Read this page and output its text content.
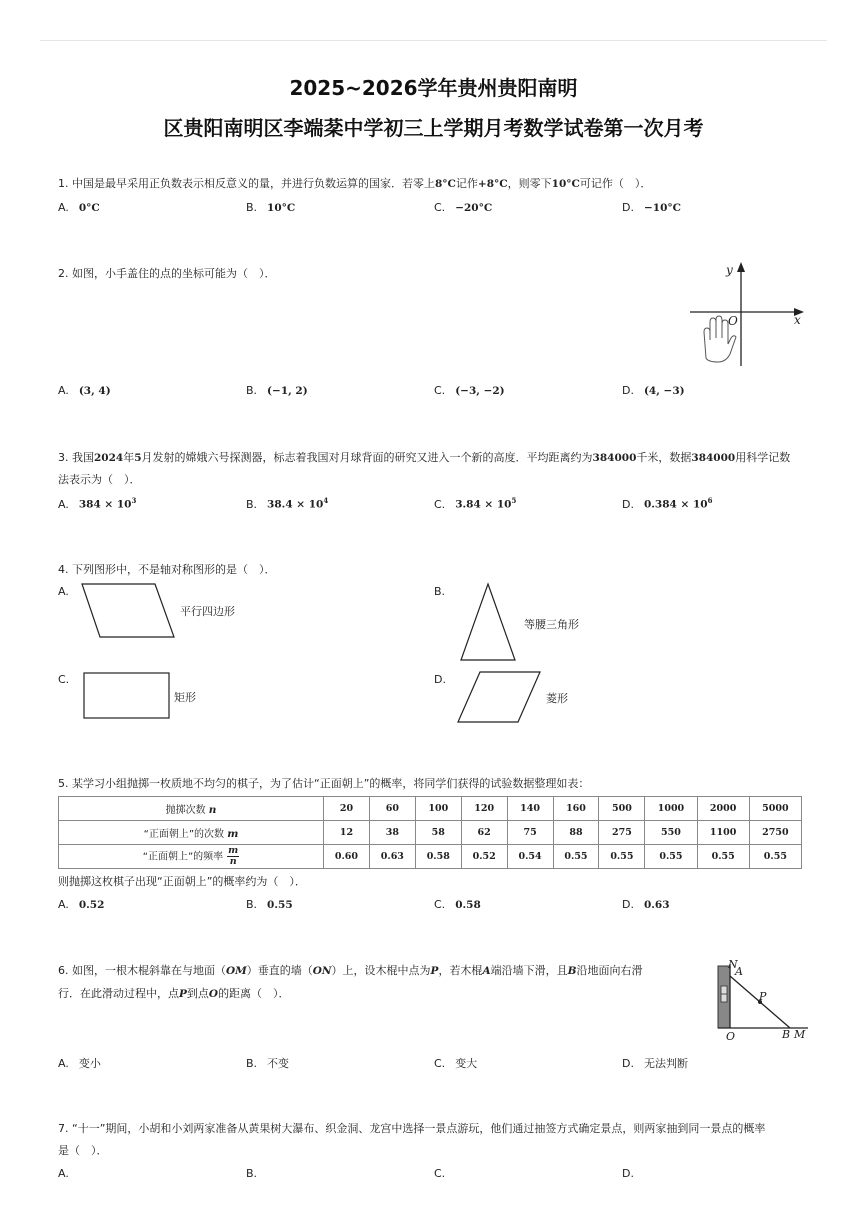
2025~2026学年贵州贵阳南明
区贵阳南明区李端棻中学初三上学期月考数学试卷第一次月考
1. 中国是最早采用正负数表示相反意义的量，并进行负数运算的国家．若零上8°C记作+8°C，则零下10°C可记作（　）．
A. 0°C	B. 10°C	C. −20°C	D. −10°C
2. 如图，小手盖住的点的坐标可能为（　）．	y
x
O
A. (3, 4)	B. (−1, 2)	C. (−3, −2)	D. (4, −3)
3. 我国2024年5月发射的嫦娥六号探测器，标志着我国对月球背面的研究又进入一个新的高度．平均距离约为384000千米，数据384000用科学记数
法表示为（　）．
A. $384 \times 10^3$	B. $38.4 \times 10^4$	C. $3.84 \times 10^5$	D. $0.384 \times 10^6$
4. 下列图形中，不是轴对称图形的是（　）．
A.
平行四边形
B.
等腰三角形
C.
矩形
D.
菱形
5. 某学习小组抛掷一枚质地不均匀的棋子，为了估计“正面朝上”的概率，将同学们获得的试验数据整理如表：
抛掷次数 n	20	60	100	120	140	160	500	1000	2000	5000
“正面朝上”的次数 m	12	38	58	62	75	88	275	550	1100	2750
“正面朝上”的频率 $\frac{m}{n}$	0.60	0.63	0.58	0.52	0.54	0.55	0.55	0.55	0.55	0.55
则抛掷这枚棋子出现“正面朝上”的概率约为（　）．
A. 0.52	B. 0.55	C. 0.58	D. 0.63
6. 如图，一根木棍斜靠在与地面（OM）垂直的墙（ON）上，设木棍中点为P，若木棍A端沿墙下滑，且B沿地面向右滑
行．在此滑动过程中，点P到点O的距离（　）．
N
A
P
O	B M
A. 变小	B. 不变	C. 变大	D. 无法判断
7. “十一”期间，小胡和小刘两家准备从黄果树大瀑布、织金洞、龙宫中选择一景点游玩，他们通过抽签方式确定景点，则两家抽到同一景点的概率
是（　）．
A.	B.	C.	D.
